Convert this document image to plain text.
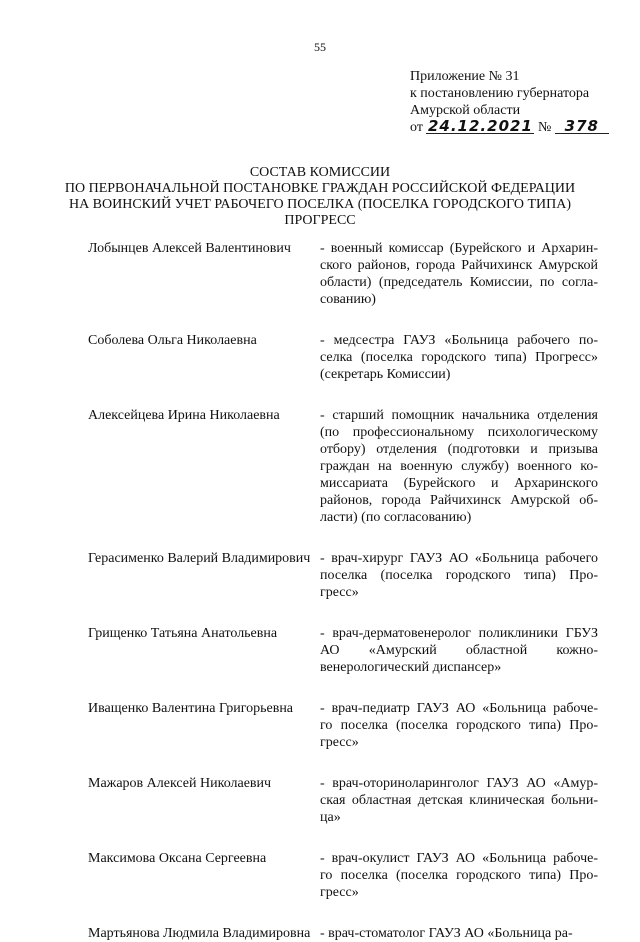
55
Приложение № 31
к постановлению губернатора
Амурской области
от 24.12.2021 № 378
СОСТАВ КОМИССИИ
ПО ПЕРВОНАЧАЛЬНОЙ ПОСТАНОВКЕ ГРАЖДАН РОССИЙСКОЙ ФЕДЕРАЦИИ
НА ВОИНСКИЙ УЧЕТ РАБОЧЕГО ПОСЕЛКА (ПОСЕЛКА ГОРОДСКОГО ТИПА)
ПРОГРЕСС
Лобынцев Алексей Валентинович	- военный комиссар (Бурейского и Архарин-
ского районов, города Райчихинск Амурской
области) (председатель Комиссии, по согла-
сованию)
Соболева Ольга Николаевна	- медсестра ГАУЗ «Больница рабочего по-
селка (поселка городского типа) Прогресс»
(секретарь Комиссии)
Алексейцева Ирина Николаевна	- старший помощник начальника отделения
(по профессиональному психологическому
отбору) отделения (подготовки и призыва
граждан на военную службу) военного ко-
миссариата (Бурейского и Архаринского
районов, города Райчихинск Амурской об-
ласти) (по согласованию)
Герасименко Валерий Владимирович - врач-хирург ГАУЗ АО «Больница рабочего
поселка (поселка городского типа) Про-
гресс»
Грищенко Татьяна Анатольевна	- врач-дерматовенеролог поликлиники ГБУЗ
АО «Амурский областной кожно-
венерологический диспансер»
Иващенко Валентина Григорьевна	- врач-педиатр ГАУЗ АО «Больница рабоче-
го поселка (поселка городского типа) Про-
гресс»
Мажаров Алексей Николаевич	- врач-оториноларинголог ГАУЗ АО «Амур-
ская областная детская клиническая больни-
ца»
Максимова Оксана Сергеевна	- врач-окулист ГАУЗ АО «Больница рабоче-
го поселка (поселка городского типа) Про-
гресс»
Мартьянова Людмила Владимировна - врач-стоматолог ГАУЗ АО «Больница ра-
